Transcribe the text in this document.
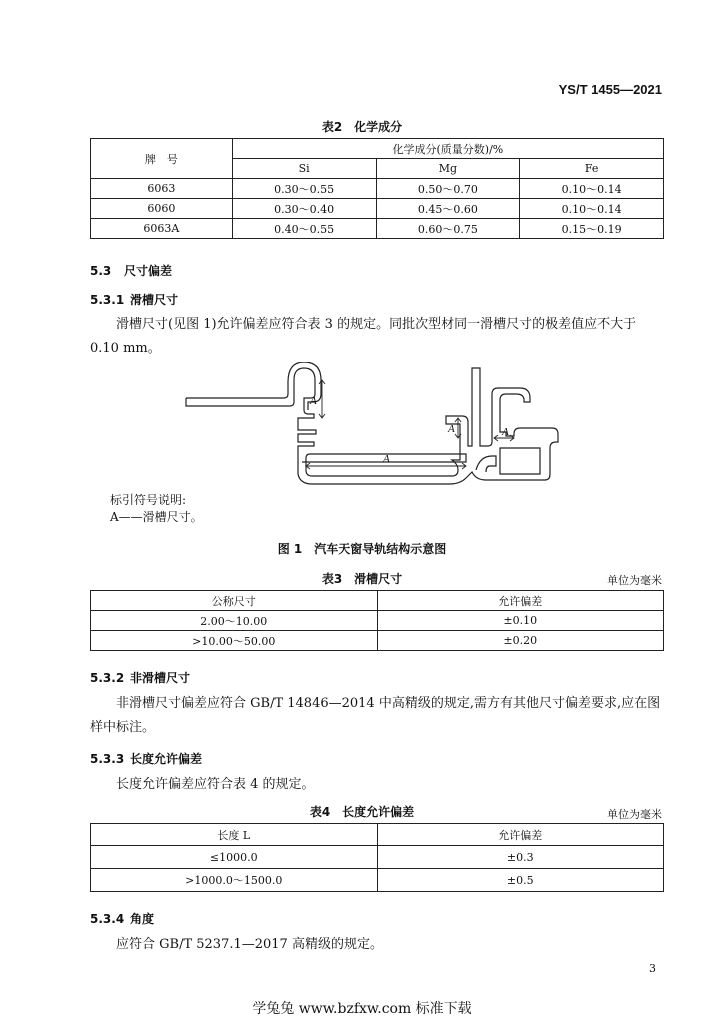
YS/T 1455—2021
表2　化学成分
牌　号	化学成分(质量分数)/%		
	Si	Mg	Fe
6063	0.30～0.55	0.50～0.70	0.10～0.14
6060	0.30～0.40	0.45～0.60	0.10～0.14
6063A	0.40～0.55	0.60～0.75	0.15～0.19
5.3 尺寸偏差
5.3.1 滑槽尺寸
滑槽尺寸(见图 1)允许偏差应符合表 3 的规定。同批次型材同一滑槽尺寸的极差值应不大于 0.10 mm。
A
A
A
A
标引符号说明:
A——滑槽尺寸。
图 1　汽车天窗导轨结构示意图
表3　滑槽尺寸	单位为毫米
公称尺寸	允许偏差
2.00～10.00	±0.10
>10.00～50.00	±0.20
5.3.2 非滑槽尺寸
非滑槽尺寸偏差应符合 GB/T 14846—2014 中高精级的规定,需方有其他尺寸偏差要求,应在图样中标注。
5.3.3 长度允许偏差
长度允许偏差应符合表 4 的规定。
表4　长度允许偏差	单位为毫米
长度 L	允许偏差
≤1000.0	±0.3
>1000.0～1500.0	±0.5
5.3.4 角度
应符合 GB/T 5237.1—2017 高精级的规定。
3
学兔兔 www.bzfxw.com 标准下载
